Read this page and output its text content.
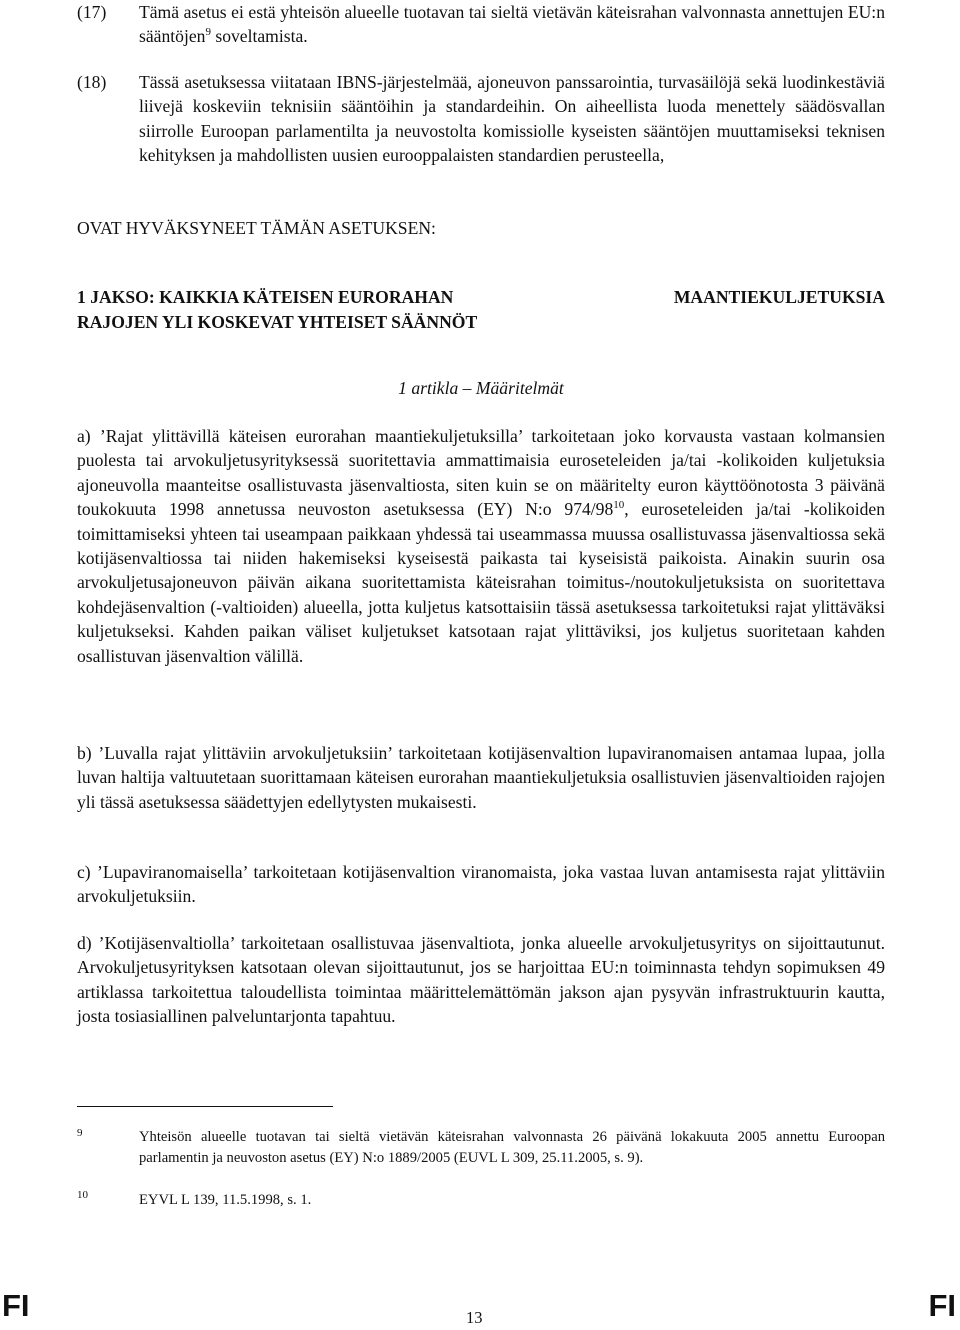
(17)	Tämä asetus ei estä yhteisön alueelle tuotavan tai sieltä vietävän käteisrahan valvonnasta annettujen EU:n sääntöjen$^9$ soveltamista.
(18)	Tässä asetuksessa viitataan IBNS-järjestelmää, ajoneuvon panssarointia, turvasäilöjä sekä luodinkestäviä liivejä koskeviin teknisiin sääntöihin ja standardeihin. On aiheellista luoda menettely säädösvallan siirrolle Euroopan parlamentilta ja neuvostolta komissiolle kyseisten sääntöjen muuttamiseksi teknisen kehityksen ja mahdollisten uusien eurooppalaisten standardien perusteella,
OVAT HYVÄKSYNEET TÄMÄN ASETUKSEN:
1 JAKSO: KAIKKIA KÄTEISEN EURORAHAN	MAANTIEKULJETUKSIA
RAJOJEN YLI KOSKEVAT YHTEISET SÄÄNNÖT
1 artikla – Määritelmät
a) ’Rajat ylittävillä käteisen eurorahan maantiekuljetuksilla’ tarkoitetaan joko korvausta vastaan kolmansien puolesta tai arvokuljetusyrityksessä suoritettavia ammattimaisia euroseteleiden ja/tai -kolikoiden kuljetuksia ajoneuvolla maanteitse osallistuvasta jäsenvaltiosta, siten kuin se on määritelty euron käyttöönotosta 3 päivänä toukokuuta 1998 annetussa neuvoston asetuksessa (EY) N:o $974/98^{10}$, euroseteleiden ja/tai -kolikoiden toimittamiseksi yhteen tai useampaan paikkaan yhdessä tai useammassa muussa osallistuvassa jäsenvaltiossa sekä kotijäsenvaltiossa tai niiden hakemiseksi kyseisestä paikasta tai kyseisistä paikoista. Ainakin suurin osa arvokuljetusajoneuvon päivän aikana suoritettamista käteisrahan toimitus-/noutokuljetuksista on suoritettava kohdejäsenvaltion (-valtioiden) alueella, jotta kuljetus katsottaisiin tässä asetuksessa tarkoitetuksi rajat ylittäväksi kuljetukseksi. Kahden paikan väliset kuljetukset katsotaan rajat ylittäviksi, jos kuljetus suoritetaan kahden osallistuvan jäsenvaltion välillä.
b) ’Luvalla rajat ylittäviin arvokuljetuksiin’ tarkoitetaan kotijäsenvaltion lupaviranomaisen antamaa lupaa, jolla luvan haltija valtuutetaan suorittamaan käteisen eurorahan maantiekuljetuksia osallistuvien jäsenvaltioiden rajojen yli tässä asetuksessa säädettyjen edellytysten mukaisesti.
c) ’Lupaviranomaisella’ tarkoitetaan kotijäsenvaltion viranomaista, joka vastaa luvan antamisesta rajat ylittäviin arvokuljetuksiin.
d) ’Kotijäsenvaltiolla’ tarkoitetaan osallistuvaa jäsenvaltiota, jonka alueelle arvokuljetusyritys on sijoittautunut. Arvokuljetusyrityksen katsotaan olevan sijoittautunut, jos se harjoittaa EU:n toiminnasta tehdyn sopimuksen 49 artiklassa tarkoitettua taloudellista toimintaa määrittelemättömän jakson ajan pysyvän infrastruktuurin kautta, josta tosiasiallinen palveluntarjonta tapahtuu.
9	Yhteisön alueelle tuotavan tai sieltä vietävän käteisrahan valvonnasta 26 päivänä lokakuuta 2005 annettu Euroopan parlamentin ja neuvoston asetus (EY) N:o 1889/2005 (EUVL L 309, 25.11.2005, s. 9).
10	EYVL L 139, 11.5.1998, s. 1.
FI	13	FI
